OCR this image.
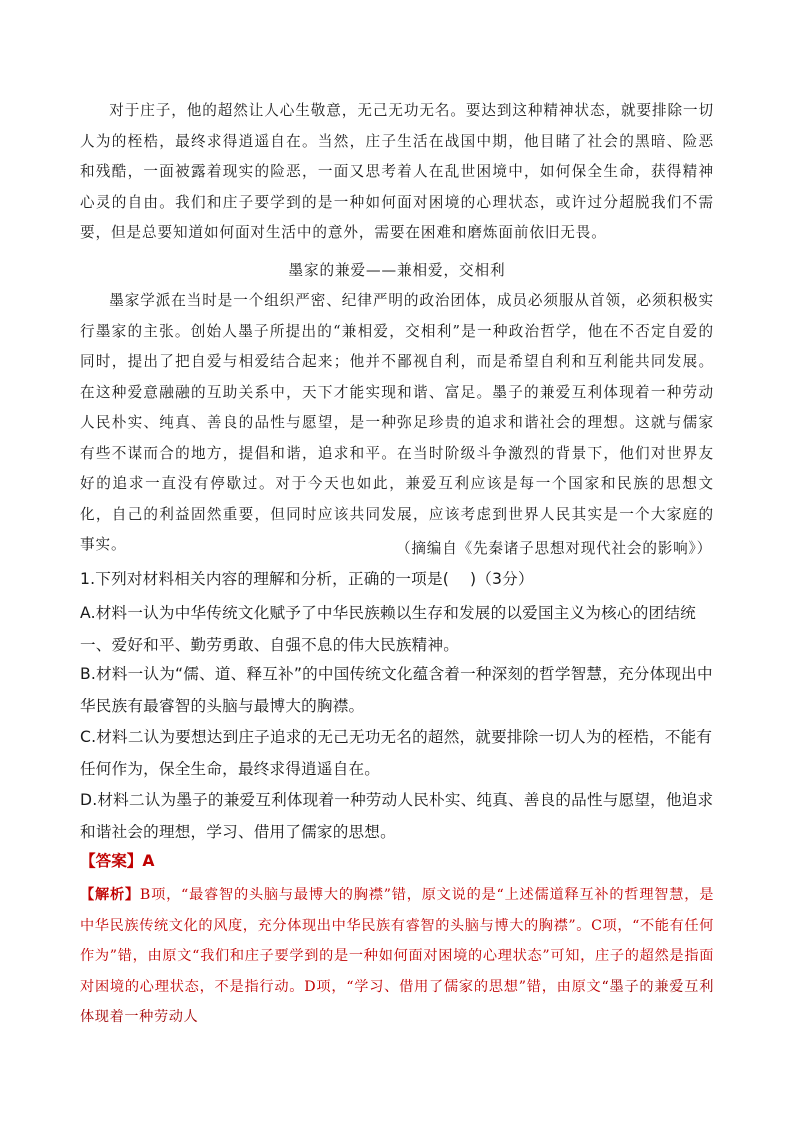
对于庄子，他的超然让人心生敬意，无己无功无名。要达到这种精神状态，就要排除一切人为的桎梏，最终求得逍遥自在。当然，庄子生活在战国中期，他目睹了社会的黑暗、险恶和残酷，一面被露着现实的险恶，一面又思考着人在乱世困境中，如何保全生命，获得精神心灵的自由。我们和庄子要学到的是一种如何面对困境的心理状态，或许过分超脱我们不需要，但是总要知道如何面对生活中的意外，需要在困难和磨炼面前依旧无畏。

墨家的兼爱——兼相爱，交相利

墨家学派在当时是一个组织严密、纪律严明的政治团体，成员必须服从首领，必须积极实行墨家的主张。创始人墨子所提出的“兼相爱，交相利”是一种政治哲学，他在不否定自爱的同时，提出了把自爱与相爱结合起来；他并不鄙视自利，而是希望自利和互利能共同发展。在这种爱意融融的互助关系中，天下才能实现和谐、富足。墨子的兼爱互利体现着一种劳动人民朴实、纯真、善良的品性与愿望，是一种弥足珍贵的追求和谐社会的理想。这就与儒家有些不谋而合的地方，提倡和谐，追求和平。在当时阶级斗争激烈的背景下，他们对世界友好的追求一直没有停歇过。对于今天也如此，兼爱互利应该是每一个国家和民族的思想文化，自己的利益固然重要，但同时应该共同发展，应该考虑到世界人民其实是一个大家庭的事实。	（摘编自《先秦诸子思想对现代社会的影响》）

1.下列对材料相关内容的理解和分析，正确的一项是(　 )（3分）

A.材料一认为中华传统文化赋予了中华民族赖以生存和发展的以爱国主义为核心的团结统一、爱好和平、勤劳勇敢、自强不息的伟大民族精神。

B.材料一认为“儒、道、释互补”的中国传统文化蕴含着一种深刻的哲学智慧，充分体现出中华民族有最睿智的头脑与最博大的胸襟。

C.材料二认为要想达到庄子追求的无己无功无名的超然，就要排除一切人为的桎梏，不能有任何作为，保全生命，最终求得逍遥自在。

D.材料二认为墨子的兼爱互利体现着一种劳动人民朴实、纯真、善良的品性与愿望，他追求和谐社会的理想，学习、借用了儒家的思想。

【答案】A

【解析】B项，“最睿智的头脑与最博大的胸襟”错，原文说的是“上述儒道释互补的哲理智慧，是中华民族传统文化的风度，充分体现出中华民族有睿智的头脑与博大的胸襟”。C项，“不能有任何作为”错，由原文“我们和庄子要学到的是一种如何面对困境的心理状态”可知，庄子的超然是指面对困境的心理状态，不是指行动。D项，“学习、借用了儒家的思想”错，由原文“墨子的兼爱互利体现着一种劳动人
